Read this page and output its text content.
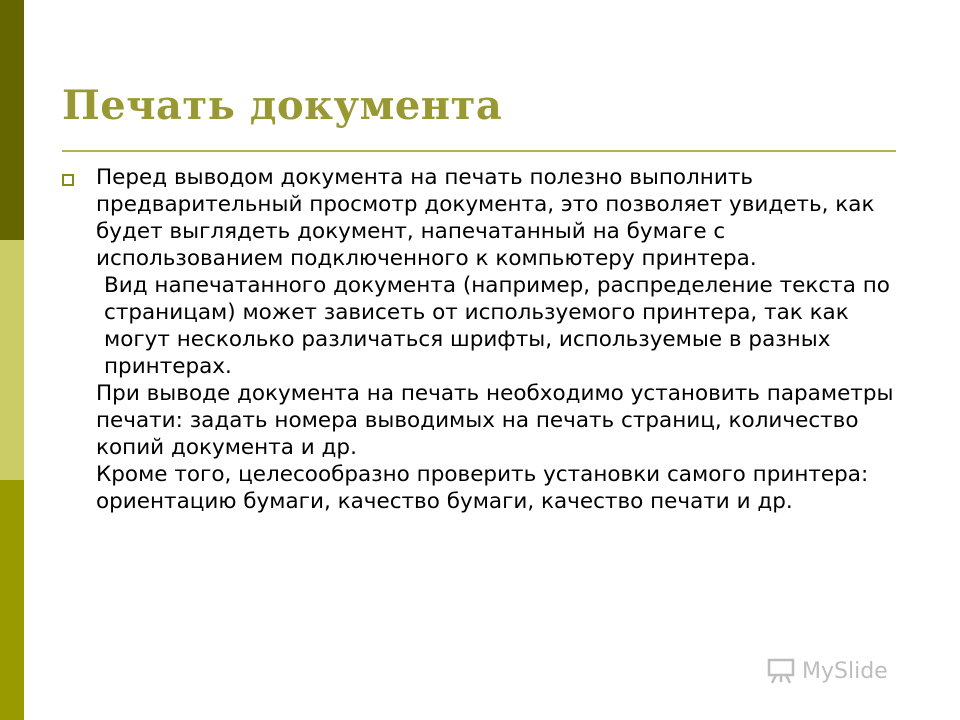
Печать документа

Перед выводом документа на печать полезно выполнить предварительный просмотр документа, это позволяет увидеть, как будет выглядеть документ, напечатанный на бумаге с использованием подключенного к компьютеру принтера.

Вид напечатанного документа (например, распределение текста по страницам) может зависеть от используемого принтера, так как могут несколько различаться шрифты, используемые в разных принтерах.

При выводе документа на печать необходимо установить параметры печати: задать номера выводимых на печать страниц, количество копий документа и др.

Кроме того, целесообразно проверить установки самого принтера: ориентацию бумаги, качество бумаги, качество печати и др.

MySlide
